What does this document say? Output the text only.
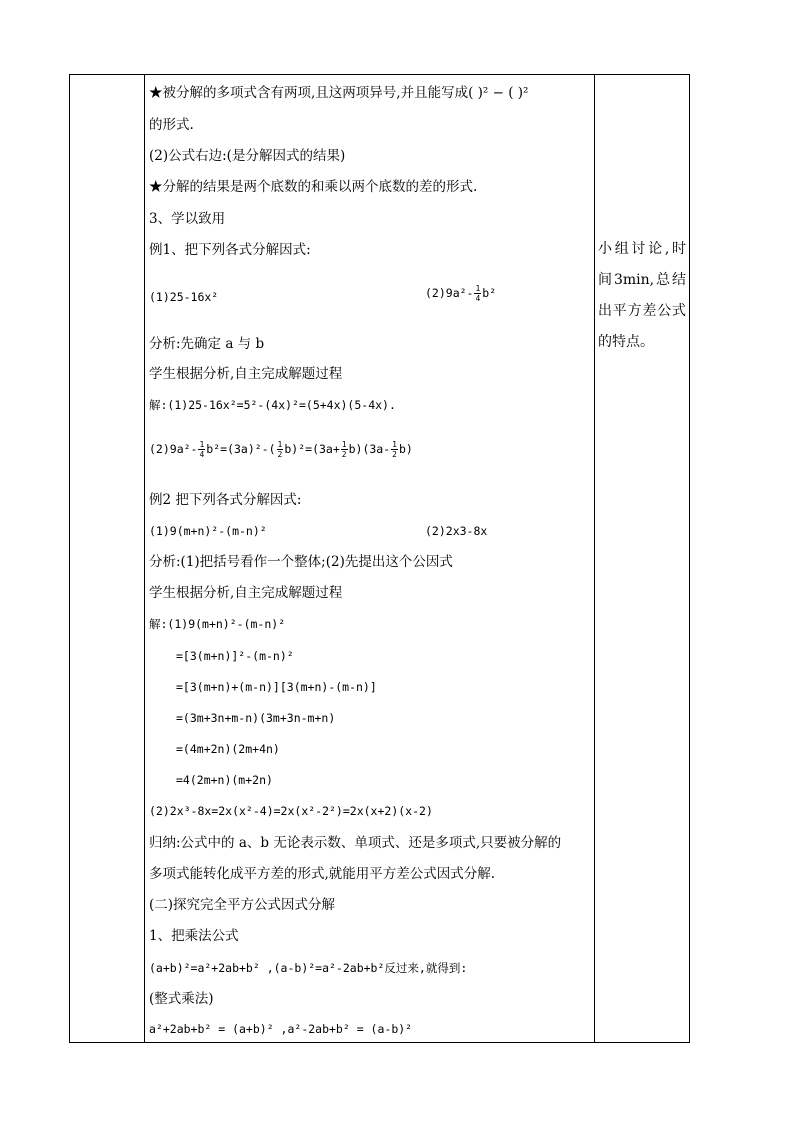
★被分解的多项式含有两项,且这两项异号,并且能写成( )² − ( )²
的形式.
(2)公式右边:(是分解因式的结果)
★分解的结果是两个底数的和乘以两个底数的差的形式.
3、学以致用
例1、把下列各式分解因式:
(1)25-16x²	$(2)9a^2- \frac{1}{4} b^2$
分析:先确定 a 与 b
学生根据分析,自主完成解题过程
解:(1)25-16x²=5²-(4x)²=(5+4x)(5-4x).
$(2)9a^2- \frac{1}{4} b^2=(3a)^2-( \frac{1}{2} b)^2=(3a+ \frac{1}{2} b)(3a- \frac{1}{2} b)$
例2 把下列各式分解因式:
(1)9(m+n)²-(m-n)²	(2)2x3-8x
分析:(1)把括号看作一个整体;(2)先提出这个公因式
学生根据分析,自主完成解题过程
解:(1)9(m+n)²-(m-n)²
=[3(m+n)]²-(m-n)²
=[3(m+n)+(m-n)][3(m+n)-(m-n)]
=(3m+3n+m-n)(3m+3n-m+n)
=(4m+2n)(2m+4n)
=4(2m+n)(m+2n)
(2)2x³-8x=2x(x²-4)=2x(x²-2²)=2x(x+2)(x-2)
归纳:公式中的 a、b 无论表示数、单项式、还是多项式,只要被分解的
多项式能转化成平方差的形式,就能用平方差公式因式分解.
(二)探究完全平方公式因式分解
1、把乘法公式
(a+b)²=a²+2ab+b² ,(a-b)²=a²-2ab+b²反过来,就得到:
(整式乘法)
a²+2ab+b² = (a+b)² ,a²-2ab+b² = (a-b)²
小组讨论,时间3min,总结出平方差公式的特点。
